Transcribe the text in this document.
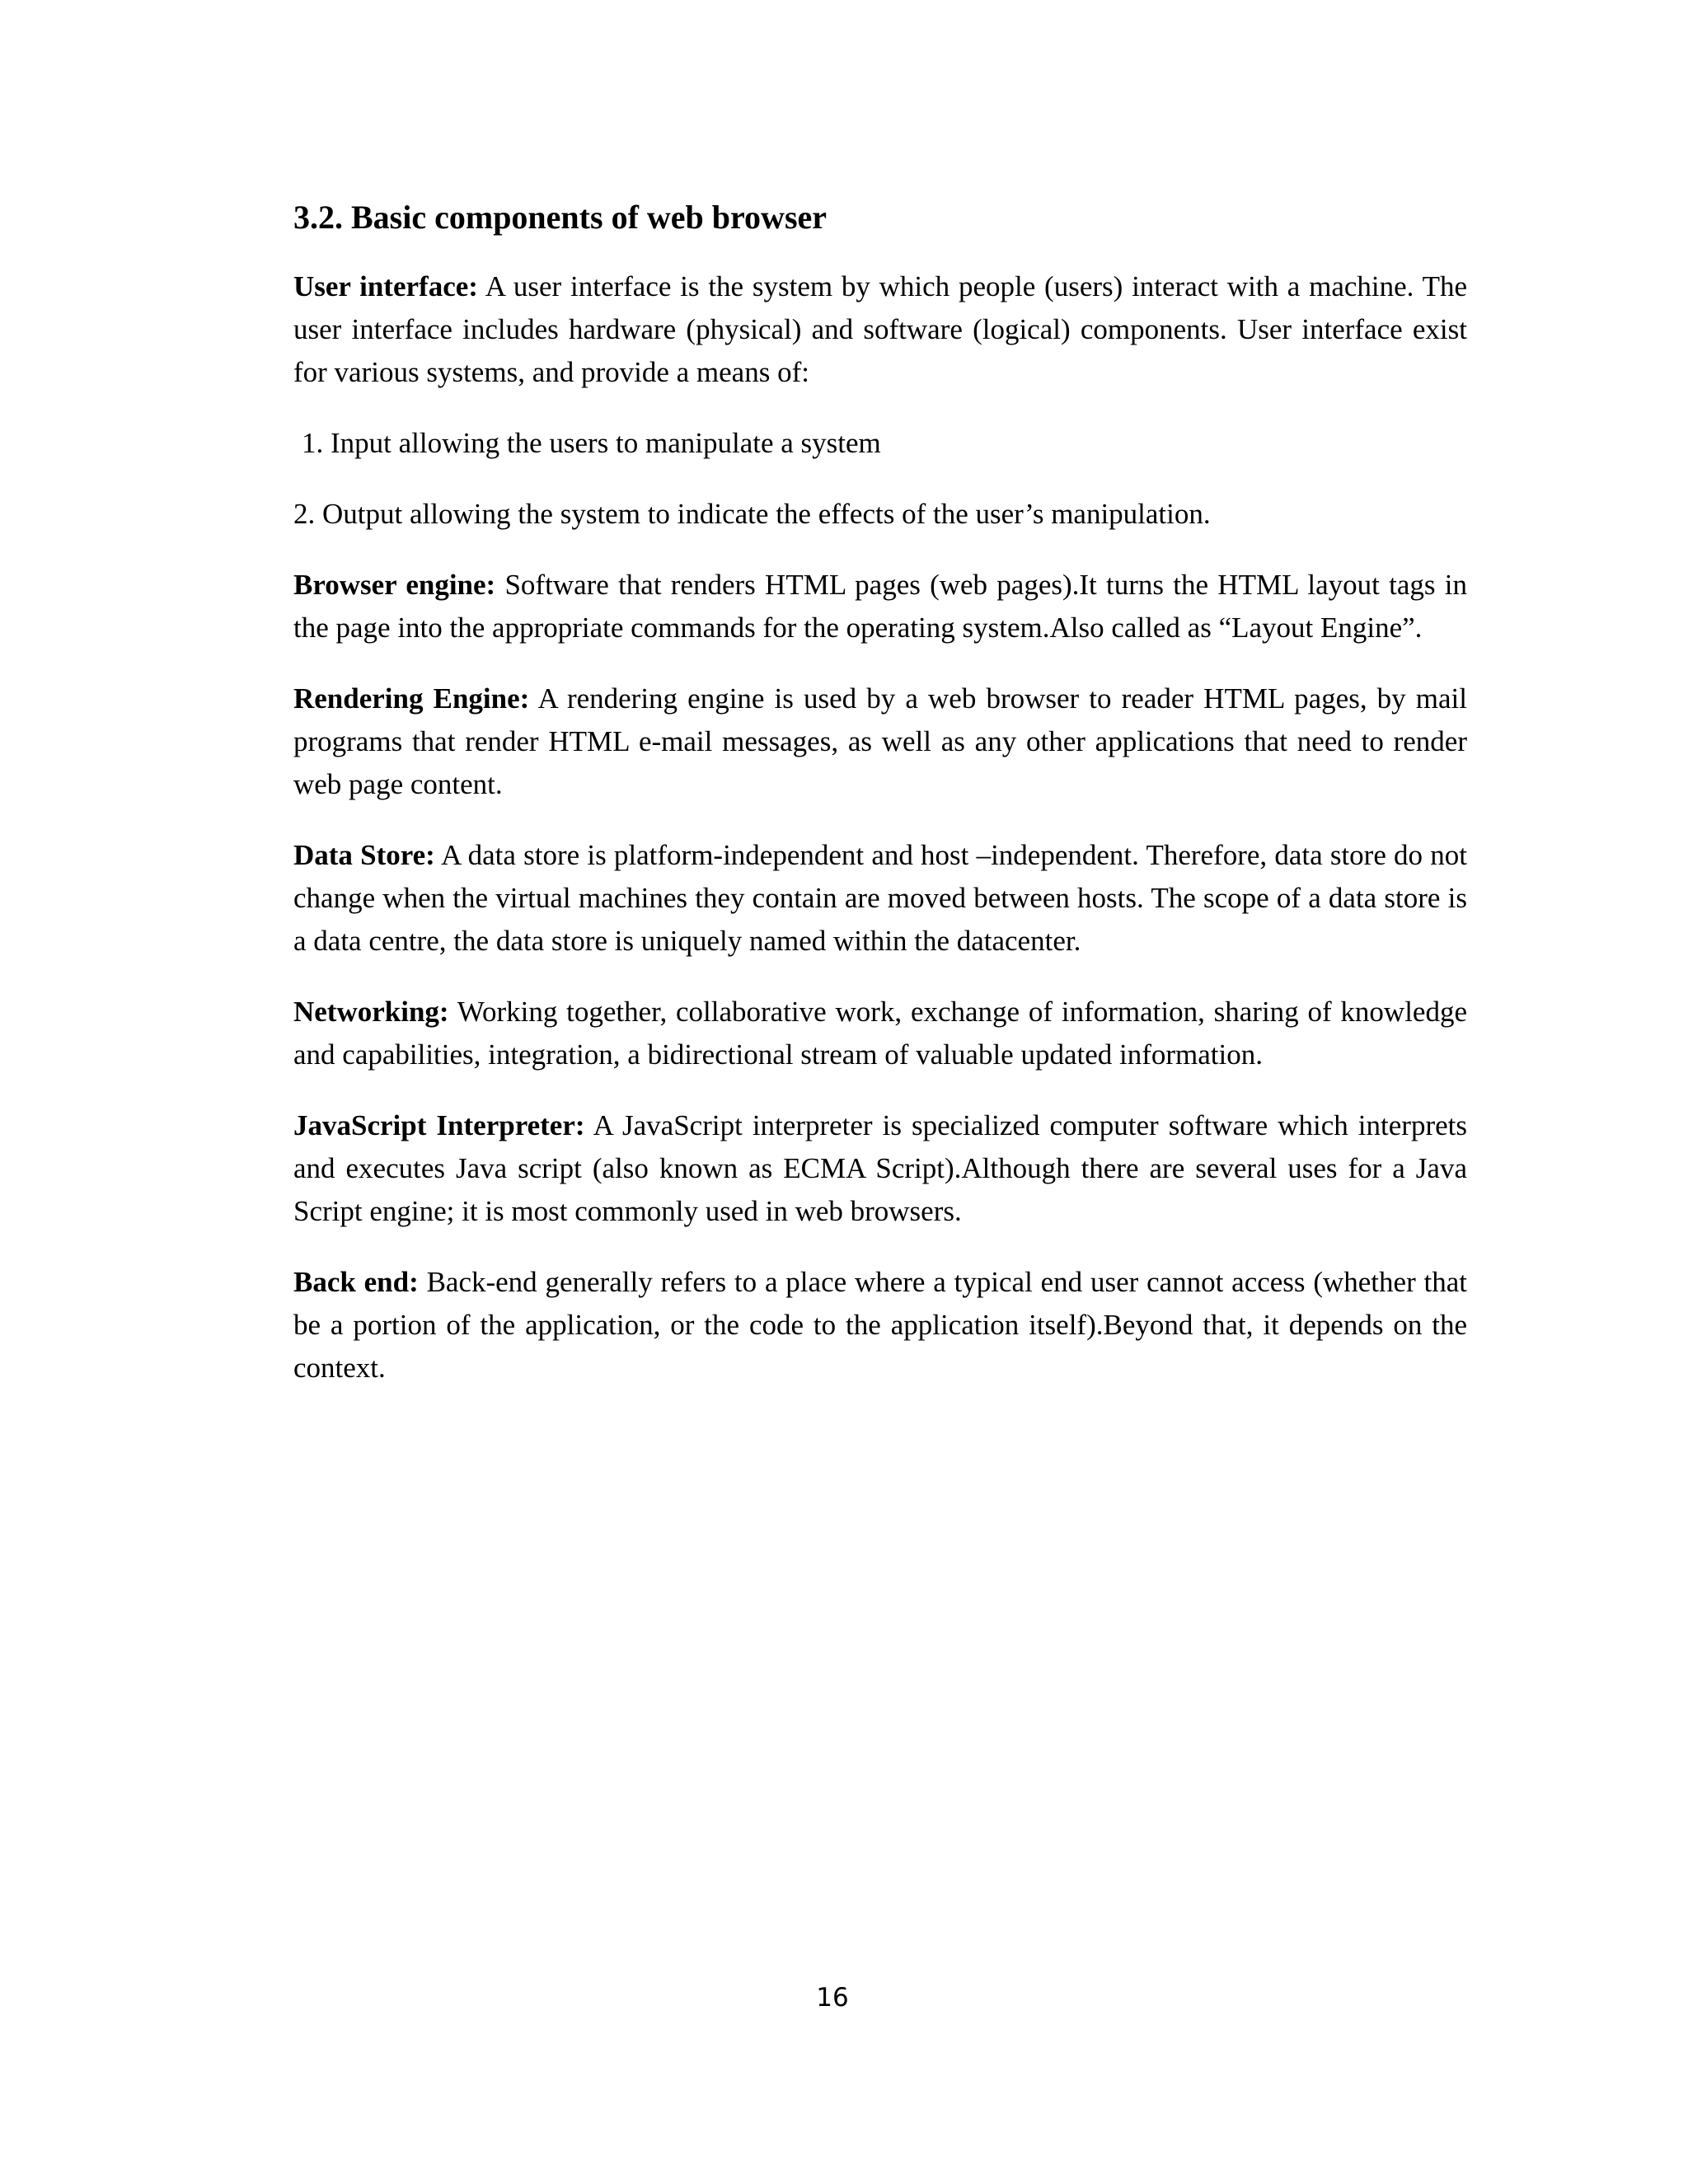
3.2. Basic components of web browser

User interface: A user interface is the system by which people (users) interact with a machine. The user interface includes hardware (physical) and software (logical) components. User interface exist for various systems, and provide a means of:

1. Input allowing the users to manipulate a system

2. Output allowing the system to indicate the effects of the user’s manipulation.

Browser engine: Software that renders HTML pages (web pages).It turns the HTML layout tags in the page into the appropriate commands for the operating system.Also called as “Layout Engine”.

Rendering Engine: A rendering engine is used by a web browser to reader HTML pages, by mail programs that render HTML e-mail messages, as well as any other applications that need to render web page content.

Data Store: A data store is platform-independent and host –independent. Therefore, data store do not change when the virtual machines they contain are moved between hosts. The scope of a data store is a data centre, the data store is uniquely named within the datacenter.

Networking: Working together, collaborative work, exchange of information, sharing of knowledge and capabilities, integration, a bidirectional stream of valuable updated information.

JavaScript Interpreter: A JavaScript interpreter is specialized computer software which interprets and executes Java script (also known as ECMA Script).Although there are several uses for a Java Script engine; it is most commonly used in web browsers.

Back end: Back-end generally refers to a place where a typical end user cannot access (whether that be a portion of the application, or the code to the application itself).Beyond that, it depends on the context.

16
